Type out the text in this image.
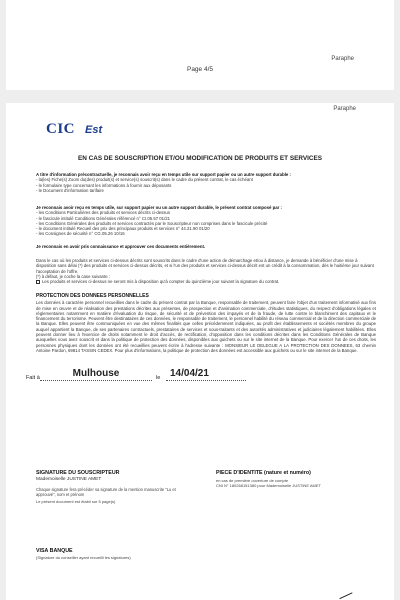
Paraphe
Page 4/5
Paraphe
CIC Est
EN CAS DE SOUSCRIPTION ET/OU MODIFICATION DE PRODUITS ET SERVICES
A titre d'information précontractuelle, je reconnais avoir reçu en temps utile sur support papier ou un autre support durable :
- la(les) Fiche(s) Zoom du(des) produit(s) et service(s) souscrit(s) dans le cadre du présent contrat, le cas échéant
- le formulaire type concernant les informations à fournir aux déposants
- le Document d'information tarifaire
Je reconnais avoir reçu en temps utile, sur support papier ou un autre support durable, le présent contrat composé par :
- les Conditions Particulières des produits et services décrits ci-dessus
- le fascicule intitulé Conditions Générales référencé n° CI.05.57 01/21
- les Conditions Générales des produits et services contractés par le Souscripteur non comprises dans le fascicule précité
- le document intitulé Recueil des prix des principaux produits et services n° 44.21.90 01/20
- les Consignes de sécurité n° CG.05.26 10/16
Je reconnais en avoir pris connaissance et approuver ces documents entièrement.
Dans le cas où les produits et services ci-dessus décrits sont souscrits dans le cadre d'une action de démarchage et/ou à distance, je demande à bénéficier d'une mise à disposition sans délai (*) des produits et services ci-dessus décrits, et si l'un des produits et services ci-dessus décrit est un crédit à la consommation, dès le huitième jour suivant l'acceptation de l'offre.
(*) à défaut, je coche la case suivante :
Les produits et services ci-dessus ne seront mis à disposition qu'à compter du quinzième jour suivant la signature du contrat.
PROTECTION DES DONNEES PERSONNELLES
Les données à caractère personnel recueillies dans le cadre du présent contrat par la Banque, responsable de traitement, peuvent faire l'objet d'un traitement informatisé aux fins de mise en œuvre et de réalisation des prestations décrites aux présentes, de prospection et d'animation commerciale, d'études statistiques, du respect d'obligations légales et réglementaires notamment en matière d'évaluation du risque, de sécurité et de prévention des impayés et de la fraude, de lutte contre le blanchiment des capitaux et le financement du terrorisme. Peuvent être destinataires de ces données, le responsable de traitement, le personnel habilité du réseau commercial et de la direction commerciale de la Banque. Elles peuvent être communiquées en vue des mêmes finalités que celles précédemment indiquées, au profit des établissements et sociétés membres du groupe auquel appartient la Banque, de ses partenaires contractuels, prestataires de services et sous-traitants et des autorités administratives et judiciaires légalement habilitées. Elles peuvent donner lieu à l'exercice de droits notamment le droit d'accès, de rectification, d'opposition dans les conditions décrites dans les Conditions Générales de Banque auxquelles vous avez souscrit et dans la politique de protection des données, disponibles aux guichets ou sur le site internet de la Banque. Pour exercer l'un de ces droits, les personnes physiques dont les données ont été recueillies peuvent écrire à l'adresse suivante : MONSIEUR LE DELEGUE A LA PROTECTION DES DONNEES, 63 chemin Antoine Pardon, 69814 TASSIN CEDEX. Pour plus d'informations, la politique de protection des données est accessible aux guichets ou sur le site internet de la Banque.
Fait à	Mulhouse	le 14/04/21
SIGNATURE DU SOUSCRIPTEUR
Mademoiselle JUSTINE AMET
Chaque signature fera précéder sa signature de la mention manuscrite "Lu et approuvé", nom et prénom
Le présent document est établi sur 5 page(s)
PIECE D'IDENTITE (nature et numéro)
en cas de première ouverture de compte
CNI N° 180268151380 pour Mademoiselle JUSTINE AMET
VISA BANQUE
(Signature du conseiller ayant recueilli les signatures)
